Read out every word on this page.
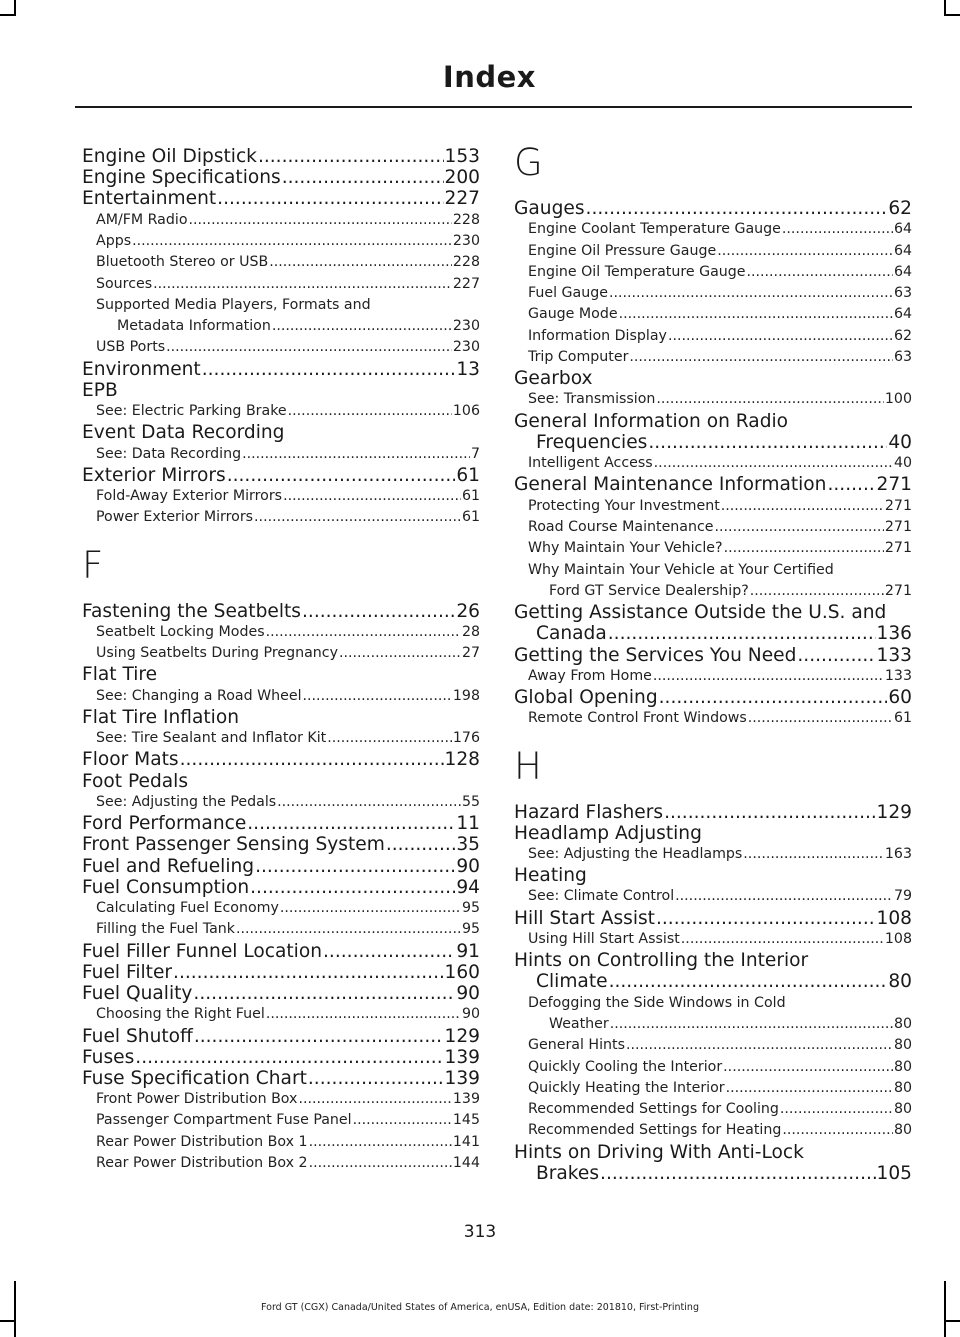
Index
Engine Oil Dipstick .....	153
Engine Specifications .....	200
Entertainment .....	227
AM/FM Radio .....	228
Apps .....	230
Bluetooth Stereo or USB .....	228
Sources .....	227
Supported Media Players, Formats and
Metadata Information .....	230
USB Ports .....	230
Environment .....	13
EPB
See: Electric Parking Brake .....	106
Event Data Recording
See: Data Recording .....	7
Exterior Mirrors .....	61
Fold-Away Exterior Mirrors .....	61
Power Exterior Mirrors .....	61
F
Fastening the Seatbelts .....	26
Seatbelt Locking Modes .....	28
Using Seatbelts During Pregnancy .....	27
Flat Tire
See: Changing a Road Wheel .....	198
Flat Tire Inflation
See: Tire Sealant and Inflator Kit .....	176
Floor Mats .....	128
Foot Pedals
See: Adjusting the Pedals .....	55
Ford Performance .....	11
Front Passenger Sensing System .....	35
Fuel and Refueling .....	90
Fuel Consumption .....	94
Calculating Fuel Economy .....	95
Filling the Fuel Tank .....	95
Fuel Filler Funnel Location .....	91
Fuel Filter .....	160
Fuel Quality .....	90
Choosing the Right Fuel .....	90
Fuel Shutoff .....	129
Fuses .....	139
Fuse Specification Chart .....	139
Front Power Distribution Box .....	139
Passenger Compartment Fuse Panel .....	145
Rear Power Distribution Box 1 .....	141
Rear Power Distribution Box 2 .....	144
G
Gauges .....	62
Engine Coolant Temperature Gauge .....	64
Engine Oil Pressure Gauge .....	64
Engine Oil Temperature Gauge .....	64
Fuel Gauge .....	63
Gauge Mode .....	64
Information Display .....	62
Trip Computer .....	63
Gearbox
See: Transmission .....	100
General Information on Radio
Frequencies .....	40
Intelligent Access .....	40
General Maintenance Information .....	271
Protecting Your Investment .....	271
Road Course Maintenance .....	271
Why Maintain Your Vehicle? .....	271
Why Maintain Your Vehicle at Your Certified
Ford GT Service Dealership? .....	271
Getting Assistance Outside the U.S. and
Canada .....	136
Getting the Services You Need .....	133
Away From Home .....	133
Global Opening .....	60
Remote Control Front Windows .....	61
H
Hazard Flashers .....	129
Headlamp Adjusting
See: Adjusting the Headlamps .....	163
Heating
See: Climate Control .....	79
Hill Start Assist .....	108
Using Hill Start Assist .....	108
Hints on Controlling the Interior
Climate .....	80
Defogging the Side Windows in Cold
Weather .....	80
General Hints .....	80
Quickly Cooling the Interior .....	80
Quickly Heating the Interior .....	80
Recommended Settings for Cooling .....	80
Recommended Settings for Heating .....	80
Hints on Driving With Anti-Lock
Brakes .....	105
313
Ford GT (CGX) Canada/United States of America, enUSA, Edition date: 201810, First-Printing
